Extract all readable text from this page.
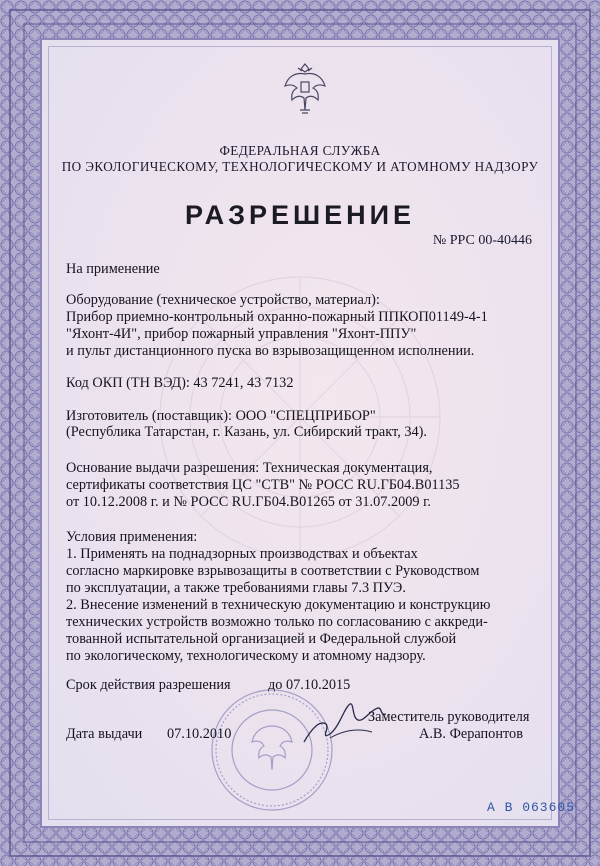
ФЕДЕРАЛЬНАЯ СЛУЖБА
ПО ЭКОЛОГИЧЕСКОМУ, ТЕХНОЛОГИЧЕСКОМУ И АТОМНОМУ НАДЗОРУ
РАЗРЕШЕНИЕ
№ РРС 00-40446
На применение
Оборудование (техническое устройство, материал):
Прибор приемно-контрольный охранно-пожарный ППКОП01149-4-1
"Яхонт-4И", прибор пожарный управления "Яхонт-ППУ"
и пульт дистанционного пуска во взрывозащищенном исполнении.
Код ОКП (ТН ВЭД): 43 7241, 43 7132
Изготовитель (поставщик): ООО "СПЕЦПРИБОР"
(Республика Татарстан, г. Казань, ул. Сибирский тракт, 34).
Основание выдачи разрешения: Техническая документация,
сертификаты соответствия ЦС "СТВ" № РОСС RU.ГБ04.В01135
от 10.12.2008 г. и № РОСС RU.ГБ04.В01265 от 31.07.2009 г.
Условия применения:
1. Применять на поднадзорных производствах и объектах
согласно маркировке взрывозащиты в соответствии с Руководством
по эксплуатации, а также требованиями главы 7.3 ПУЭ.
2. Внесение изменений в техническую документацию и конструкцию
технических устройств возможно только по согласованию с аккреди-
тованной испытательной организацией и Федеральной службой
по экологическому, технологическому и атомному надзору.
Срок действия разрешения	до 07.10.2015
Заместитель руководителя
Дата выдачи 07.10.2010	А.В. Ферапонтов
А В 063605
